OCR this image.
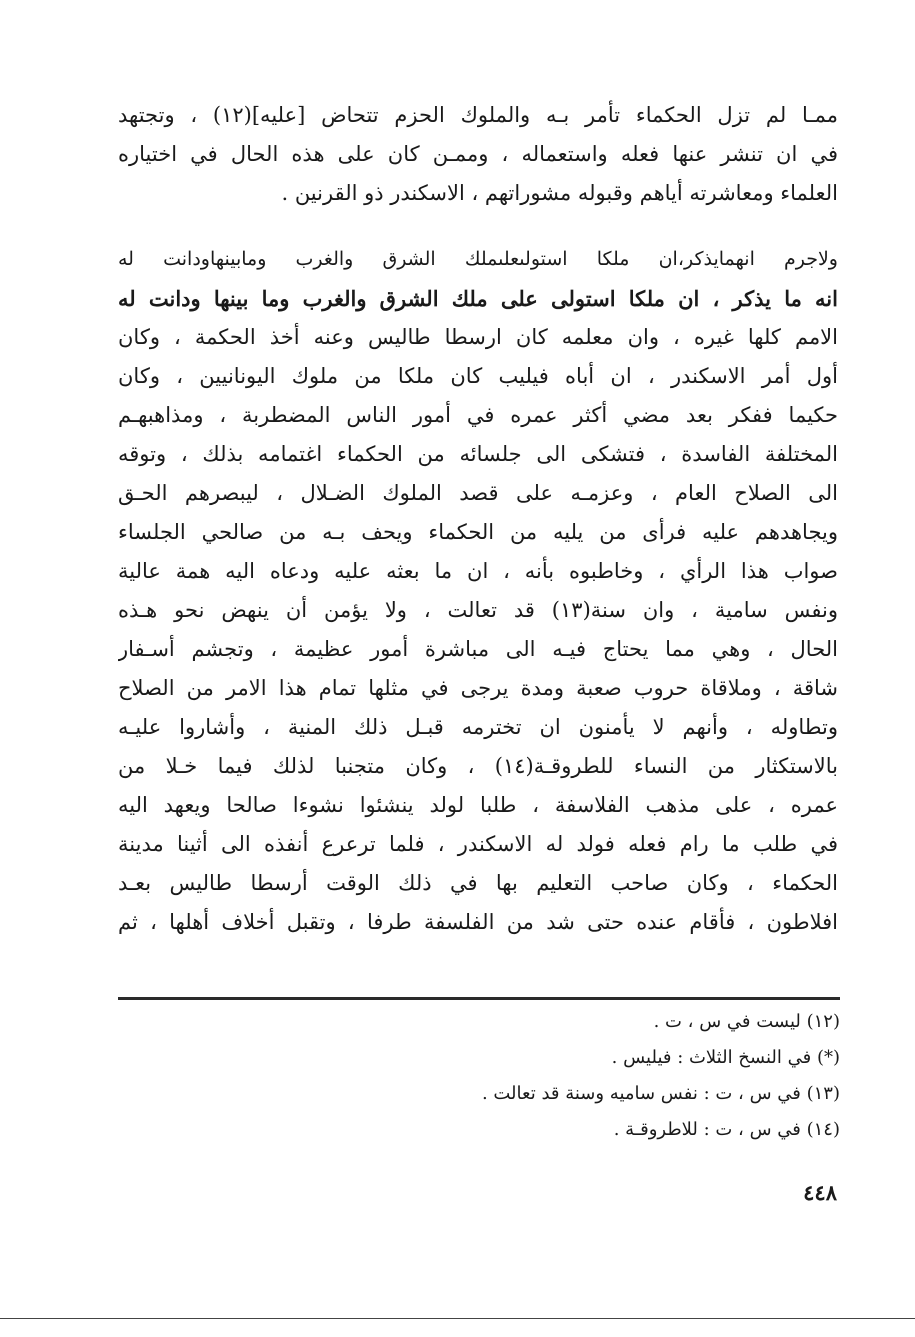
ممـا لم تزل الحكماء تأمر بـه والملوك الحزم تتحاض [عليه](١٢) ، وتجتهد
في ان تنشر عنها فعله واستعماله ، وممـن كان على هذه الحال في اختياره
العلماء ومعاشرته أياهم وقبوله مشوراتهم ، الاسكندر ذو القرنين .
ولاجرم انهمايذكر،ان ملكا استولىعلىملك الشرق والغرب ومابينهاودانت له
انه ما يذكر ، ان ملكا استولى على ملك الشرق والغرب وما بينها ودانت له
الامم كلها غيره ، وان معلمه كان ارسطا طاليس وعنه أخذ الحكمة ، وكان
أول أمر الاسكندر ، ان أباه فيليب كان ملكا من ملوك اليونانيين ، وكان
حكيما ففكر بعد مضي أكثر عمره في أمور الناس المضطربة ، ومذاهبهـم
المختلفة الفاسدة ، فتشكى الى جلسائه من الحكماء اغتمامه بذلك ، وتوقه
الى الصلاح العام ، وعزمـه على قصد الملوك الضـلال ، ليبصرهم الحـق
ويجاهدهم عليه فرأى من يليه من الحكماء ويحف بـه من صالحي الجلساء
صواب هذا الرأي ، وخاطبوه بأنه ، ان ما بعثه عليه ودعاه اليه همة عالية
ونفس سامية ، وان سنة(١٣) قد تعالت ، ولا يؤمن أن ينهض نحو هـذه
الحال ، وهي مما يحتاج فيـه الى مباشرة أمور عظيمة ، وتجشم أسـفار
شاقة ، وملاقاة حروب صعبة ومدة يرجى في مثلها تمام هذا الامر من الصلاح
وتطاوله ، وأنهم لا يأمنون ان تخترمه قبـل ذلك المنية ، وأشاروا عليـه
بالاستكثار من النساء للطروقـة(١٤) ، وكان متجنبا لذلك فيما خـلا من
عمره ، على مذهب الفلاسفة ، طلبا لولد ينشئوا نشوءا صالحا ويعهد اليه
في طلب ما رام فعله فولد له الاسكندر ، فلما ترعرع أنفذه الى أثينا مدينة
الحكماء ، وكان صاحب التعليم بها في ذلك الوقت أرسطا طاليس بعـد
افلاطون ، فأقام عنده حتى شد من الفلسفة طرفا ، وتقبل أخلاف أهلها ، ثم
(١٢) ليست في س ، ت .
(*) في النسخ الثلاث : فيليس .
(١٣) في س ، ت : نفس ساميه وسنة قد تعالت .
(١٤) في س ، ت : للاطروقـة .
٤٤٨
